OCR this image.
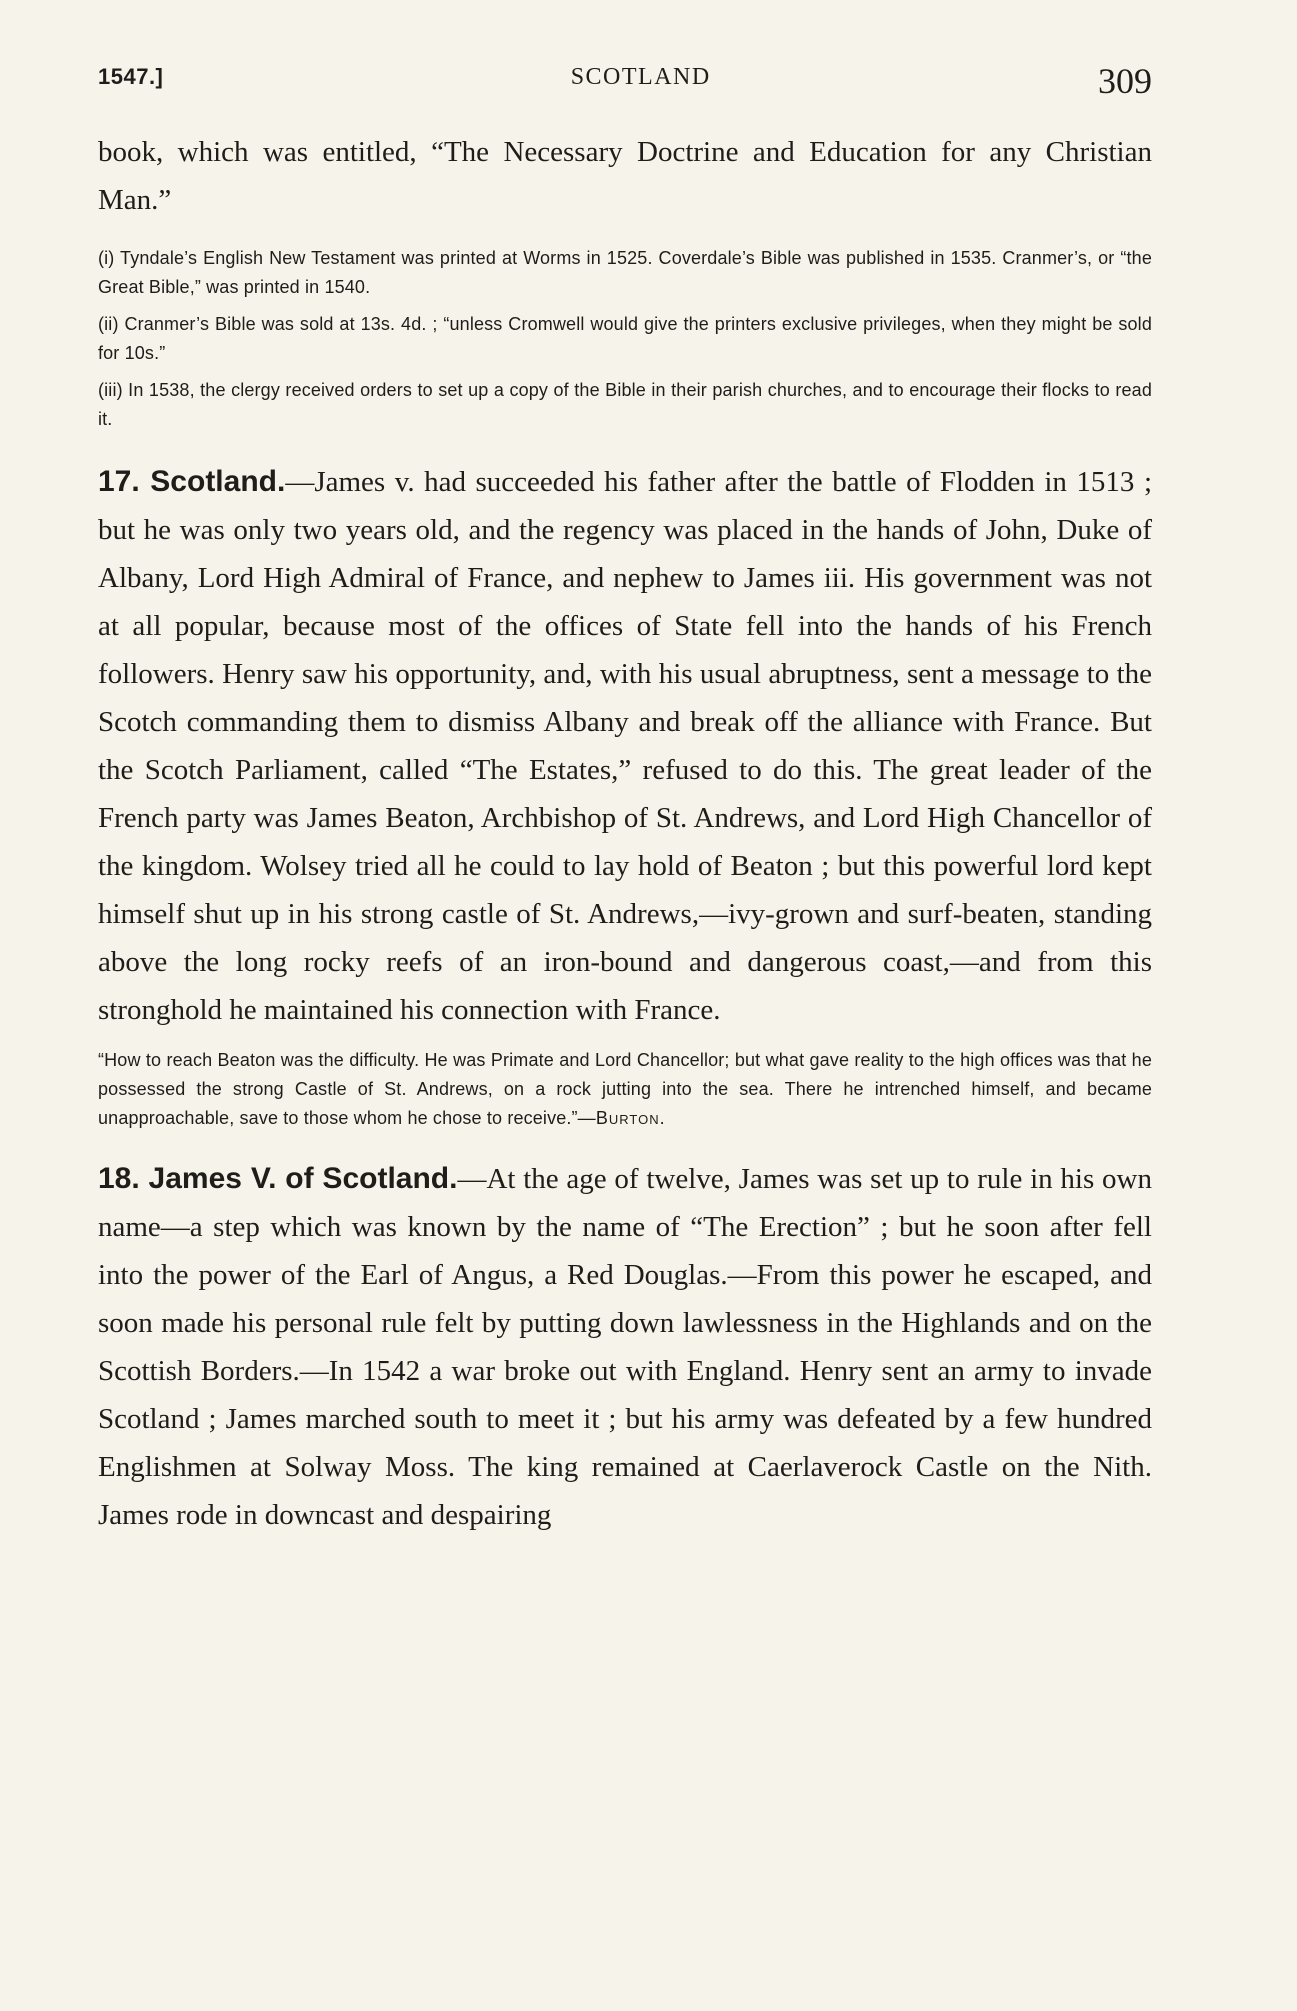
1547.]	SCOTLAND	309

book, which was entitled, “The Necessary Doctrine and Education for any Christian Man.”

(i) Tyndale’s English New Testament was printed at Worms in 1525. Coverdale’s Bible was published in 1535. Cranmer’s, or “the Great Bible,” was printed in 1540.

(ii) Cranmer’s Bible was sold at 13s. 4d. ; “unless Cromwell would give the printers exclusive privileges, when they might be sold for 10s.”

(iii) In 1538, the clergy received orders to set up a copy of the Bible in their parish churches, and to encourage their flocks to read it.

17. Scotland.—James v. had succeeded his father after the battle of Flodden in 1513 ; but he was only two years old, and the regency was placed in the hands of John, Duke of Albany, Lord High Admiral of France, and nephew to James iii. His government was not at all popular, because most of the offices of State fell into the hands of his French followers. Henry saw his opportunity, and, with his usual abruptness, sent a message to the Scotch commanding them to dismiss Albany and break off the alliance with France. But the Scotch Parliament, called “The Estates,” refused to do this. The great leader of the French party was James Beaton, Archbishop of St. Andrews, and Lord High Chancellor of the kingdom. Wolsey tried all he could to lay hold of Beaton ; but this powerful lord kept himself shut up in his strong castle of St. Andrews,—ivy-grown and surf-beaten, standing above the long rocky reefs of an iron-bound and dangerous coast,—and from this stronghold he maintained his connection with France.

“How to reach Beaton was the difficulty. He was Primate and Lord Chancellor; but what gave reality to the high offices was that he possessed the strong Castle of St. Andrews, on a rock jutting into the sea. There he intrenched himself, and became unapproachable, save to those whom he chose to receive.”—Burton.

18. James V. of Scotland.—At the age of twelve, James was set up to rule in his own name—a step which was known by the name of “The Erection” ; but he soon after fell into the power of the Earl of Angus, a Red Douglas.—From this power he escaped, and soon made his personal rule felt by putting down lawlessness in the Highlands and on the Scottish Borders.—In 1542 a war broke out with England. Henry sent an army to invade Scotland ; James marched south to meet it ; but his army was defeated by a few hundred Englishmen at Solway Moss. The king remained at Caerlaverock Castle on the Nith. James rode in downcast and despairing
